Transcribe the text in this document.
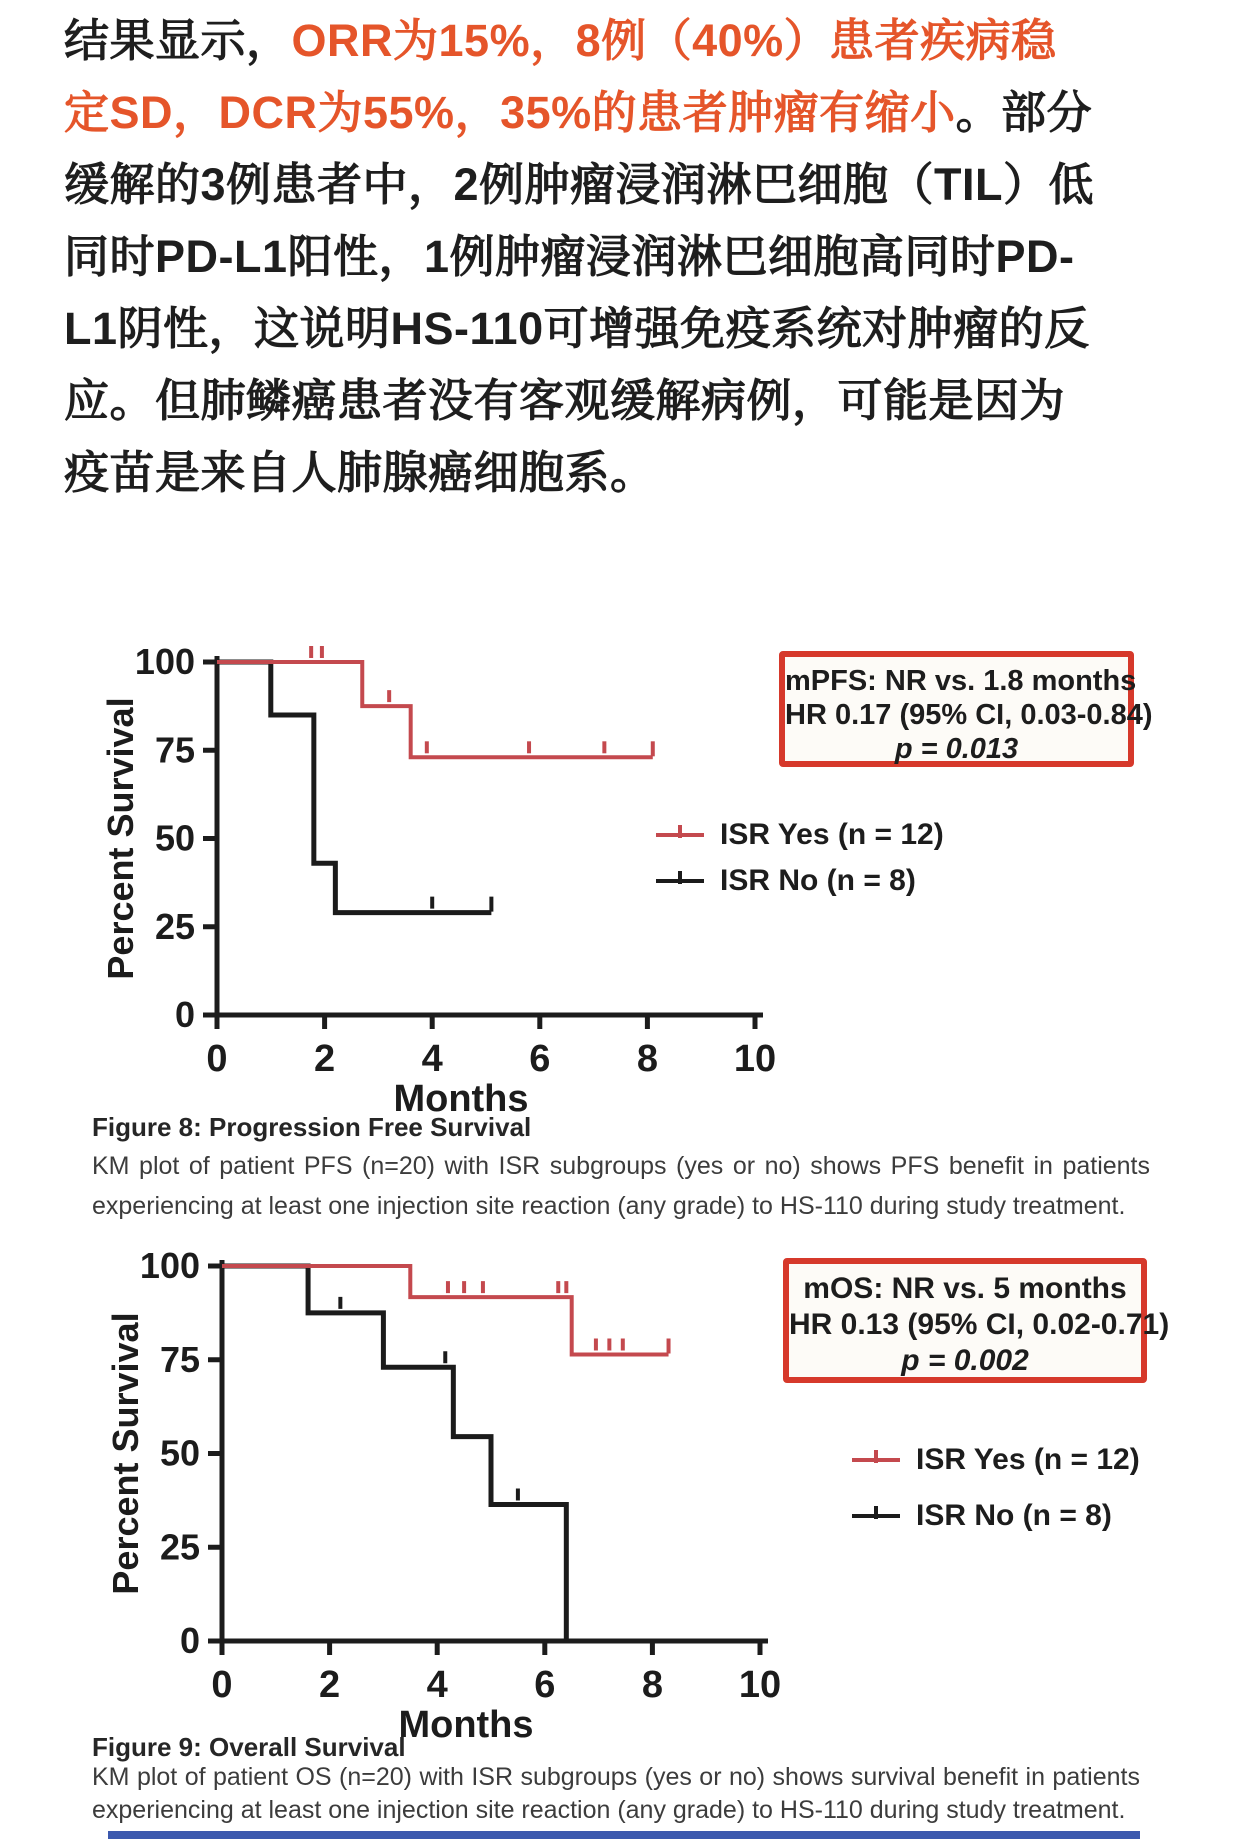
结果显示，ORR为15%，8例（40%）患者疾病稳
定SD，DCR为55%，35%的患者肿瘤有缩小。部分
缓解的3例患者中，2例肿瘤浸润淋巴细胞（TIL）低
同时PD-L1阳性，1例肿瘤浸润淋巴细胞高同时PD-
L1阴性，这说明HS-110可增强免疫系统对肿瘤的反
应。但肺鳞癌患者没有客观缓解病例，可能是因为
疫苗是来自人肺腺癌细胞系。
0
25
50
75
100
0 2 4 6 8 10
Months
Percent Survival
0
25
50
75
100
0 2 4 6 8 10
Months
Percent Survival
mPFS: NR vs. 1.8 months
HR 0.17 (95% CI, 0.03-0.84)
p = 0.013
ISR Yes (n = 12)
ISR No (n = 8)
Figure 8: Progression Free Survival
KM plot of patient PFS (n=20) with ISR subgroups (yes or no) shows PFS benefit in patients
experiencing at least one injection site reaction (any grade) to HS-110 during study treatment.
mOS: NR vs. 5 months
HR 0.13 (95% CI, 0.02-0.71)
p = 0.002
ISR Yes (n = 12)
ISR No (n = 8)
Figure 9: Overall Survival
KM plot of patient OS (n=20) with ISR subgroups (yes or no) shows survival benefit in patients
experiencing at least one injection site reaction (any grade) to HS-110 during study treatment.
